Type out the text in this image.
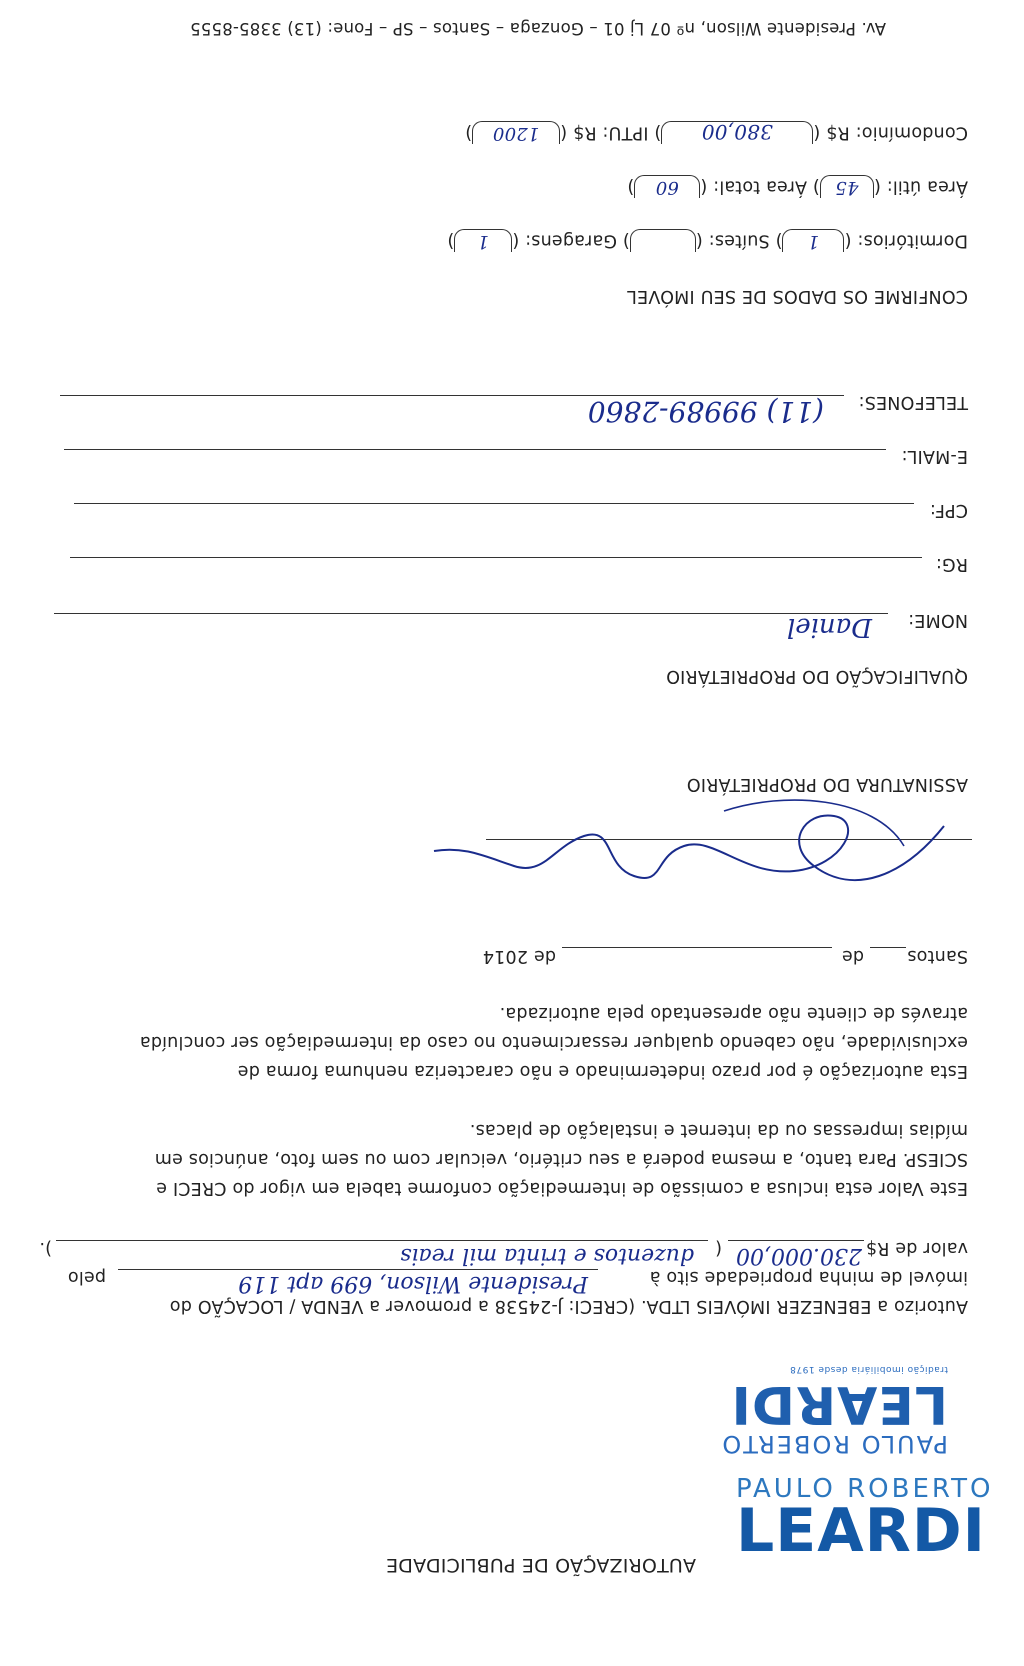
AUTORIZAÇÃO DE PUBLICIDADE
PAULO ROBERTO
LEARDI
tradição imobiliária desde 1978
Autorizo a EBENEZER IMÓVEIS LTDA. (CRECI: J-24538 a promover a VENDA / LOCAÇÃO do
imóvel de minha propriedade sito à
Presidente Wilson, 699 apt 119
pelo
valor de R$
230.000,00
(
duzentos e trinta mil reais
).
Este Valor esta inclusa a comissão de intermediação conforme tabela em vigor do CRECI e
SCIESP. Para tanto, a mesma poderá a seu critério, veicular com ou sem foto, anúncios em
mídias impressas ou da internet e instalação de placas.
Esta autorização é por prazo indeterminado e não caracteriza nenhuma forma de
exclusividade, não cabendo qualquer ressarcimento no caso da intermediação ser concluída
através de cliente não apresentado pela autorizada.
Santos
de
de 2014
ASSINATURA DO PROPRIETÁRIO
QUALIFICAÇÃO DO PROPRIETÁRIO
NOME:
Daniel
RG:
CPF:
E-MAIL:
TELEFONES:
(11) 99989-2860
CONFIRME OS DADOS DE SEU IMÓVEL
Dormitórios: (1) Suítes: () Garagens: (1)
Área útil: (45) Área total: (60)
Condomínio: R$ (380,00) IPTU: R$ (1200)
Av. Presidente Wilson, nº 07 Lj 01 – Gonzaga – Santos – SP – Fone: (13) 3385-8555
PAULO ROBERTO
LEARDI
